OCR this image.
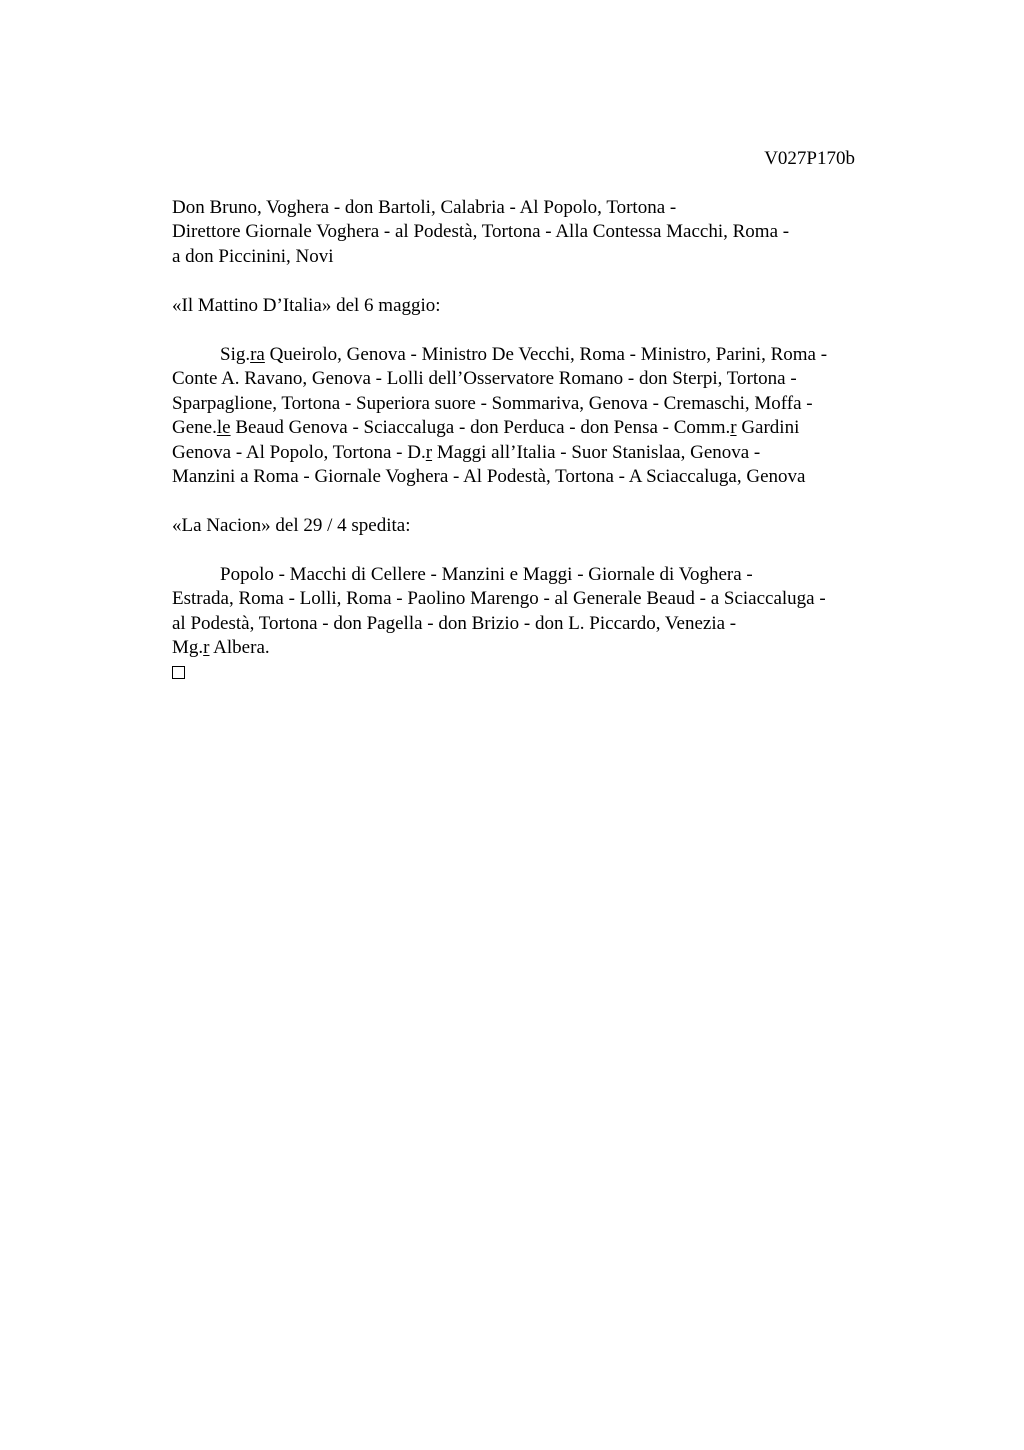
V027P170b
Don Bruno, Voghera - don Bartoli, Calabria - Al Popolo, Tortona -
Direttore Giornale Voghera - al Podestà, Tortona - Alla Contessa Macchi, Roma -
a don Piccinini, Novi
«Il Mattino D’Italia» del 6 maggio:
Sig.ra Queirolo, Genova - Ministro De Vecchi, Roma - Ministro, Parini, Roma -
Conte A. Ravano, Genova - Lolli dell’Osservatore Romano - don Sterpi, Tortona -
Sparpaglione, Tortona - Superiora suore - Sommariva, Genova - Cremaschi, Moffa -
Gene.le Beaud Genova - Sciaccaluga - don Perduca - don Pensa - Comm.r Gardini
Genova - Al Popolo, Tortona - D.r Maggi all’Italia - Suor Stanislaa, Genova -
Manzini a Roma - Giornale Voghera - Al Podestà, Tortona - A Sciaccaluga, Genova
«La Nacion» del 29 / 4 spedita:
Popolo - Macchi di Cellere - Manzini e Maggi - Giornale di Voghera -
Estrada, Roma - Lolli, Roma - Paolino Marengo - al Generale Beaud - a Sciaccaluga -
al Podestà, Tortona - don Pagella - don Brizio - don L. Piccardo, Venezia -
Mg.r Albera.
